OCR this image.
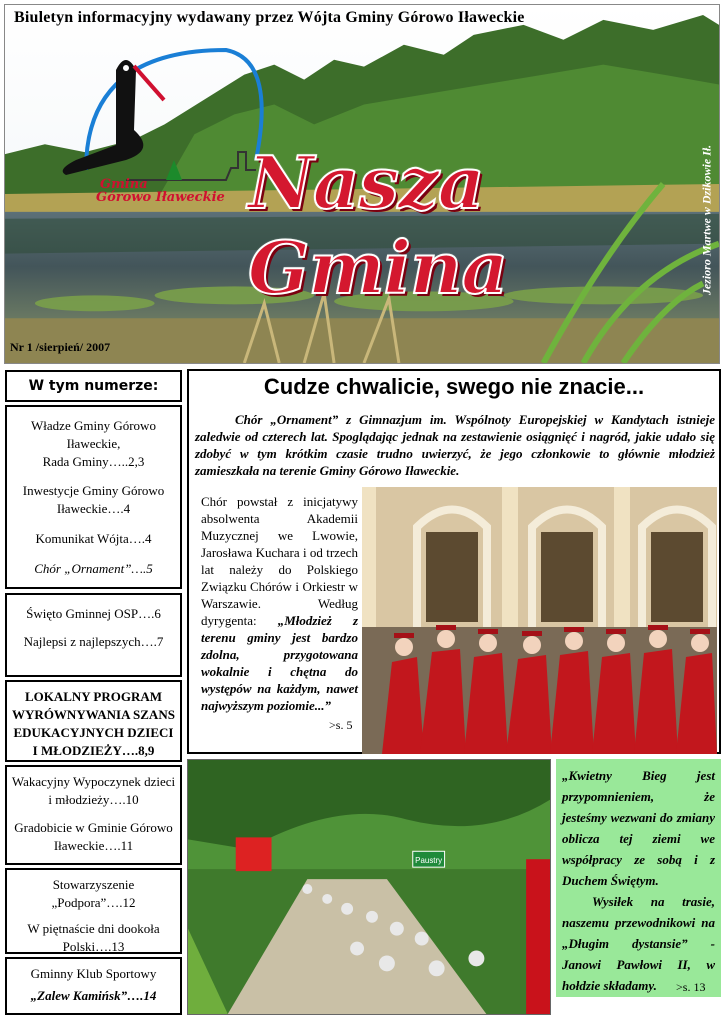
Biuletyn informacyjny wydawany przez Wójta Gminy Górowo Iławeckie
Gmina
Górowo Iławeckie Nasza Gmina	Jezioro Martwe w Dzikowie Ił.
Nr 1 /sierpień/ 2007
W tym numerze:

Władze Gminy Górowo Iławeckie,

Rada Gminy…..2,3

Inwestycje Gminy Górowo Iławeckie….4

Komunikat Wójta….4

Chór „Ornament”….5

Święto Gminnej OSP….6

Najlepsi z najlepszych….7

LOKALNY PROGRAM WYRÓWNYWANIA SZANS EDUKACYJNYCH DZIECI I MŁODZIEŻY….8,9

Wakacyjny Wypoczynek dzieci i młodzieży….10

Gradobicie w Gminie Górowo Iławeckie….11

Stowarzyszenie „Podpora”….12

W piętnaście dni dookoła Polski….13

Gminny Klub Sportowy

„Zalew Kamińsk”….14

Cudze chwalicie, swego nie znacie...
Chór „Ornament” z Gimnazjum im. Wspólnoty Europejskiej w Kandytach istnieje zaledwie od czterech lat. Spoglądając jednak na zestawienie osiągnięć i nagród, jakie udało się zdobyć w tym krótkim czasie trudno uwierzyć, że jego członkowie to głównie młodzież zamieszkała na terenie Gminy Górowo Iławeckie.
Chór powstał z inicjatywy absolwenta Akademii Muzycznej we Lwowie, Jarosława Kuchara i od trzech lat należy do Polskiego Związku Chórów i Orkiestr w Warszawie. Według dyrygenta: „Młodzież z terenu gminy jest bardzo zdolna, przygotowana wokalnie i chętna do występów na każdym, nawet najwyższym poziomie...”
>s. 5
Paustry
„Kwietny Bieg jest przypomnieniem, że jesteśmy wezwani do zmiany oblicza tej ziemi we współpracy ze sobą i z Duchem Świętym.
Wysiłek na trasie, naszemu przewodnikowi na „Długim dystansie” - Janowi Pawłowi II, w hołdzie składamy.	>s. 13
